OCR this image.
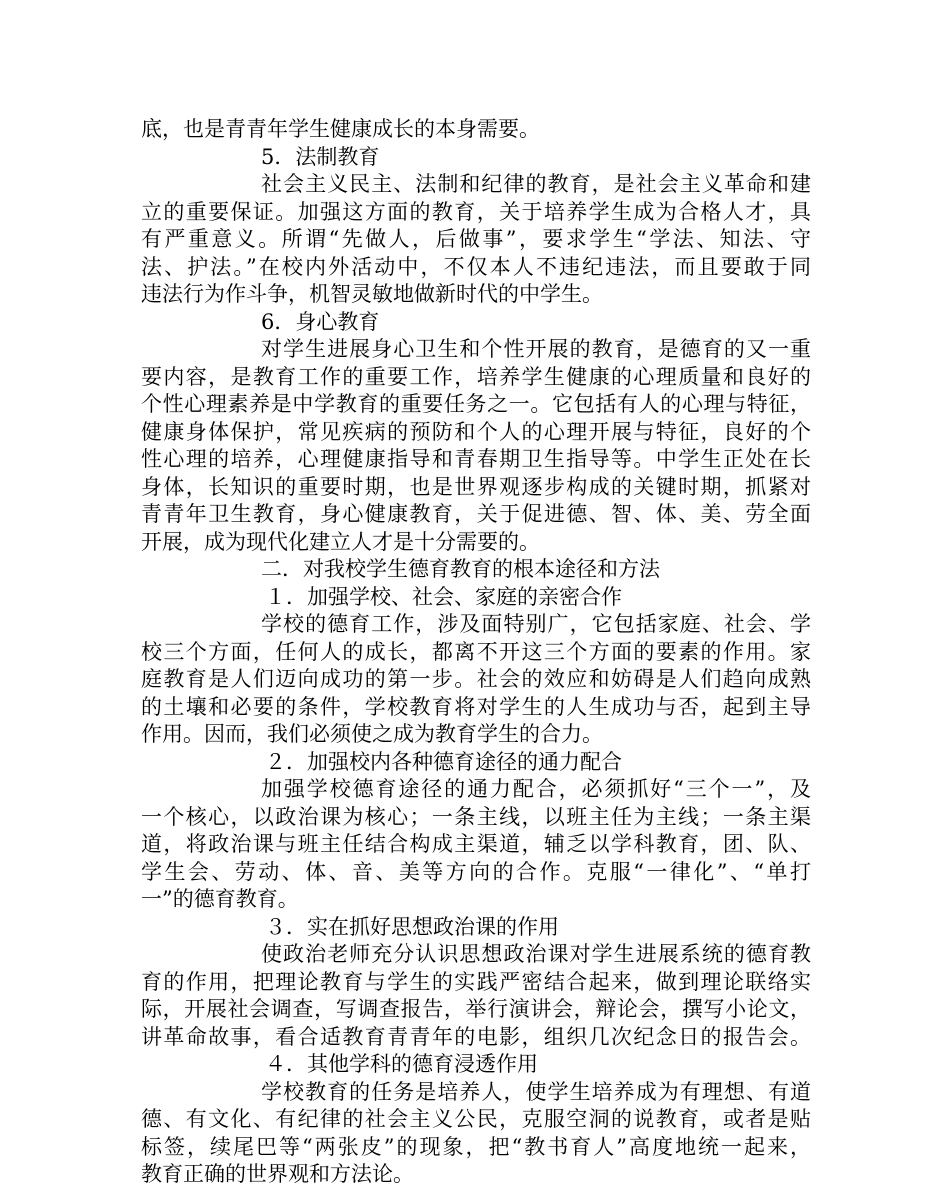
底，也是青青年学生健康成长的本身需要。
5．法制教育
社会主义民主、法制和纪律的教育，是社会主义革命和建
立的重要保证。加强这方面的教育，关于培养学生成为合格人才，具
有严重意义。所谓“先做人，后做事”，要求学生“学法、知法、守
法、护法。”在校内外活动中，不仅本人不违纪违法，而且要敢于同
违法行为作斗争，机智灵敏地做新时代的中学生。
6．身心教育
对学生进展身心卫生和个性开展的教育，是德育的又一重
要内容，是教育工作的重要工作，培养学生健康的心理质量和良好的
个性心理素养是中学教育的重要任务之一。它包括有人的心理与特征，
健康身体保护，常见疾病的预防和个人的心理开展与特征，良好的个
性心理的培养，心理健康指导和青春期卫生指导等。中学生正处在长
身体，长知识的重要时期，也是世界观逐步构成的关键时期，抓紧对
青青年卫生教育，身心健康教育，关于促进德、智、体、美、劳全面
开展，成为现代化建立人才是十分需要的。
二．对我校学生德育教育的根本途径和方法
１．加强学校、社会、家庭的亲密合作
学校的德育工作，涉及面特别广，它包括家庭、社会、学
校三个方面，任何人的成长，都离不开这三个方面的要素的作用。家
庭教育是人们迈向成功的第一步。社会的效应和妨碍是人们趋向成熟
的土壤和必要的条件，学校教育将对学生的人生成功与否，起到主导
作用。因而，我们必须使之成为教育学生的合力。
２．加强校内各种德育途径的通力配合
加强学校德育途径的通力配合，必须抓好“三个一”，及
一个核心，以政治课为核心；一条主线，以班主任为主线；一条主渠
道，将政治课与班主任结合构成主渠道，辅乏以学科教育，团、队、
学生会、劳动、体、音、美等方向的合作。克服“一律化”、“单打
一”的德育教育。
３．实在抓好思想政治课的作用
使政治老师充分认识思想政治课对学生进展系统的德育教
育的作用，把理论教育与学生的实践严密结合起来，做到理论联络实
际，开展社会调查，写调查报告，举行演讲会，辩论会，撰写小论文，
讲革命故事，看合适教育青青年的电影，组织几次纪念日的报告会。
４．其他学科的德育浸透作用
学校教育的任务是培养人，使学生培养成为有理想、有道
德、有文化、有纪律的社会主义公民，克服空洞的说教育，或者是贴
标签，续尾巴等“两张皮”的现象，把“教书育人”高度地统一起来，
教育正确的世界观和方法论。
